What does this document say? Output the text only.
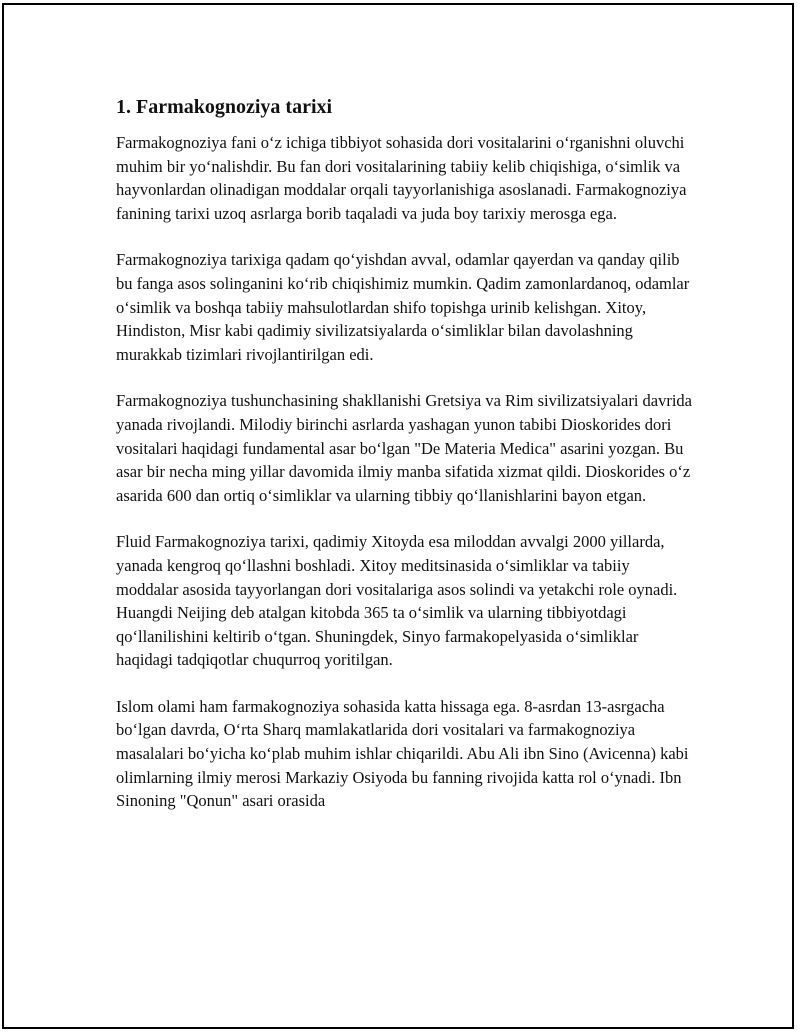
1. Farmakognoziya tarixi

Farmakognoziya fani o‘z ichiga tibbiyot sohasida dori vositalarini o‘rganishni oluvchi muhim bir yo‘nalishdir. Bu fan dori vositalarining tabiiy kelib chiqishiga, o‘simlik va hayvonlardan olinadigan moddalar orqali tayyorlanishiga asoslanadi. Farmakognoziya fanining tarixi uzoq asrlarga borib taqaladi va juda boy tarixiy merosga ega.

Farmakognoziya tarixiga qadam qo‘yishdan avval, odamlar qayerdan va qanday qilib bu fanga asos solinganini ko‘rib chiqishimiz mumkin. Qadim zamonlardanoq, odamlar o‘simlik va boshqa tabiiy mahsulotlardan shifo topishga urinib kelishgan. Xitoy, Hindiston, Misr kabi qadimiy sivilizatsiyalarda o‘simliklar bilan davolashning murakkab tizimlari rivojlantirilgan edi.

Farmakognoziya tushunchasining shakllanishi Gretsiya va Rim sivilizatsiyalari davrida yanada rivojlandi. Milodiy birinchi asrlarda yashagan yunon tabibi Dioskorides dori vositalari haqidagi fundamental asar bo‘lgan "De Materia Medica" asarini yozgan. Bu asar bir necha ming yillar davomida ilmiy manba sifatida xizmat qildi. Dioskorides o‘z asarida 600 dan ortiq o‘simliklar va ularning tibbiy qo‘llanishlarini bayon etgan.

Fluid Farmakognoziya tarixi, qadimiy Xitoyda esa miloddan avvalgi 2000 yillarda, yanada kengroq qo‘llashni boshladi. Xitoy meditsinasida o‘simliklar va tabiiy moddalar asosida tayyorlangan dori vositalariga asos solindi va yetakchi role oynadi. Huangdi Neijing deb atalgan kitobda 365 ta o‘simlik va ularning tibbiyotdagi qo‘llanilishini keltirib o‘tgan. Shuningdek, Sinyo farmakopelyasida o‘simliklar haqidagi tadqiqotlar chuqurroq yoritilgan.

Islom olami ham farmakognoziya sohasida katta hissaga ega. 8-asrdan 13-asrgacha bo‘lgan davrda, O‘rta Sharq mamlakatlarida dori vositalari va farmakognoziya masalalari bo‘yicha ko‘plab muhim ishlar chiqarildi. Abu Ali ibn Sino (Avicenna) kabi olimlarning ilmiy merosi Markaziy Osiyoda bu fanning rivojida katta rol o‘ynadi. Ibn Sinoning "Qonun" asari orasida
